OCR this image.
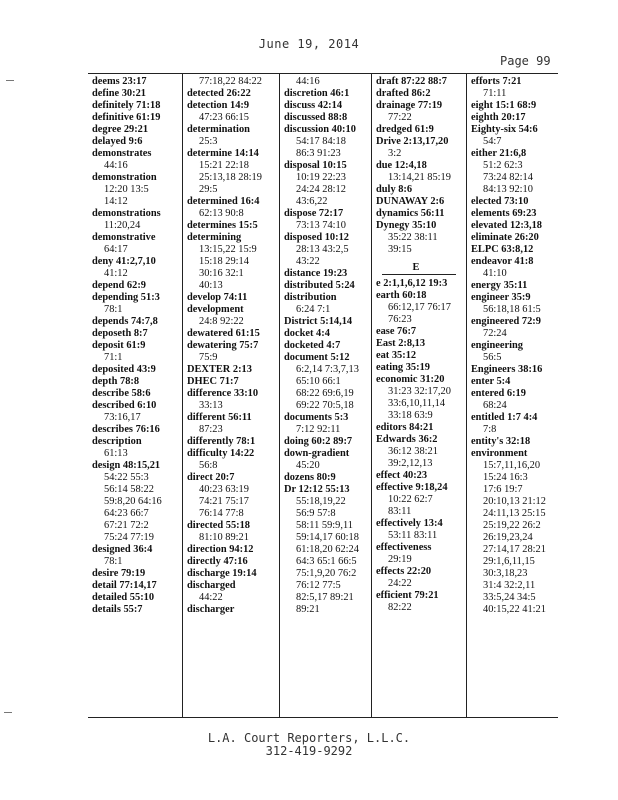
June 19, 2014
Page 99
deems 23:17
define 30:21
definitely 71:18
definitive 61:19
degree 29:21
delayed 9:6
demonstrates
44:16
demonstration
12:20 13:5
14:12
demonstrations
11:20,24
demonstrative
64:17
deny 41:2,7,10
41:12
depend 62:9
depending 51:3
78:1
depends 74:7,8
deposeth 8:7
deposit 61:9
71:1
deposited 43:9
depth 78:8
describe 58:6
described 6:10
73:16,17
describes 76:16
description
61:13
design 48:15,21
54:22 55:3
56:14 58:22
59:8,20 64:16
64:23 66:7
67:21 72:2
75:24 77:19
designed 36:4
78:1
desire 79:19
detail 77:14,17
detailed 55:10
details 55:7
77:18,22 84:22
detected 26:22
detection 14:9
47:23 66:15
determination
25:3
determine 14:14
15:21 22:18
25:13,18 28:19
29:5
determined 16:4
62:13 90:8
determines 15:5
determining
13:15,22 15:9
15:18 29:14
30:16 32:1
40:13
develop 74:11
development
24:8 92:22
dewatered 61:15
dewatering 75:7
75:9
DEXTER 2:13
DHEC 71:7
difference 33:10
33:13
different 56:11
87:23
differently 78:1
difficulty 14:22
56:8
direct 20:7
40:23 63:19
74:21 75:17
76:14 77:8
directed 55:18
81:10 89:21
direction 94:12
directly 47:16
discharge 19:14
discharged
44:22
discharger
44:16
discretion 46:1
discuss 42:14
discussed 88:8
discussion 40:10
54:17 84:18
86:3 91:23
disposal 10:15
10:19 22:23
24:24 28:12
43:6,22
dispose 72:17
73:13 74:10
disposed 10:12
28:13 43:2,5
43:22
distance 19:23
distributed 5:24
distribution
6:24 7:1
District 5:14,14
docket 4:4
docketed 4:7
document 5:12
6:2,14 7:3,7,13
65:10 66:1
68:22 69:6,19
69:22 70:5,18
documents 5:3
7:12 92:11
doing 60:2 89:7
down-gradient
45:20
dozens 80:9
Dr 12:12 55:13
55:18,19,22
56:9 57:8
58:11 59:9,11
59:14,17 60:18
61:18,20 62:24
64:3 65:1 66:5
75:1,9,20 76:2
76:12 77:5
82:5,17 89:21
89:21
draft 87:22 88:7
drafted 86:2
drainage 77:19
77:22
dredged 61:9
Drive 2:13,17,20
3:2
due 12:4,18
13:14,21 85:19
duly 8:6
DUNAWAY 2:6
dynamics 56:11
Dynegy 35:10
35:22 38:11
39:15
E
e 2:1,1,6,12 19:3
earth 60:18
66:12,17 76:17
76:23
ease 76:7
East 2:8,13
eat 35:12
eating 35:19
economic 31:20
31:23 32:17,20
33:6,10,11,14
33:18 63:9
editors 84:21
Edwards 36:2
36:12 38:21
39:2,12,13
effect 40:23
effective 9:18,24
10:22 62:7
83:11
effectively 13:4
53:11 83:11
effectiveness
29:19
effects 22:20
24:22
efficient 79:21
82:22
efforts 7:21
71:11
eight 15:1 68:9
eighth 20:17
Eighty-six 54:6
54:7
either 21:6,8
51:2 62:3
73:24 82:14
84:13 92:10
elected 73:10
elements 69:23
elevated 12:3,18
eliminate 26:20
ELPC 63:8,12
endeavor 41:8
41:10
energy 35:11
engineer 35:9
56:18,18 61:5
engineered 72:9
72:24
engineering
56:5
Engineers 38:16
enter 5:4
entered 6:19
68:24
entitled 1:7 4:4
7:8
entity's 32:18
environment
15:7,11,16,20
15:24 16:3
17:6 19:7
20:10,13 21:12
24:11,13 25:15
25:19,22 26:2
26:19,23,24
27:14,17 28:21
29:1,6,11,15
30:3,18,23
31:4 32:2,11
33:5,24 34:5
40:15,22 41:21
L.A. Court Reporters, L.L.C.
312-419-9292
